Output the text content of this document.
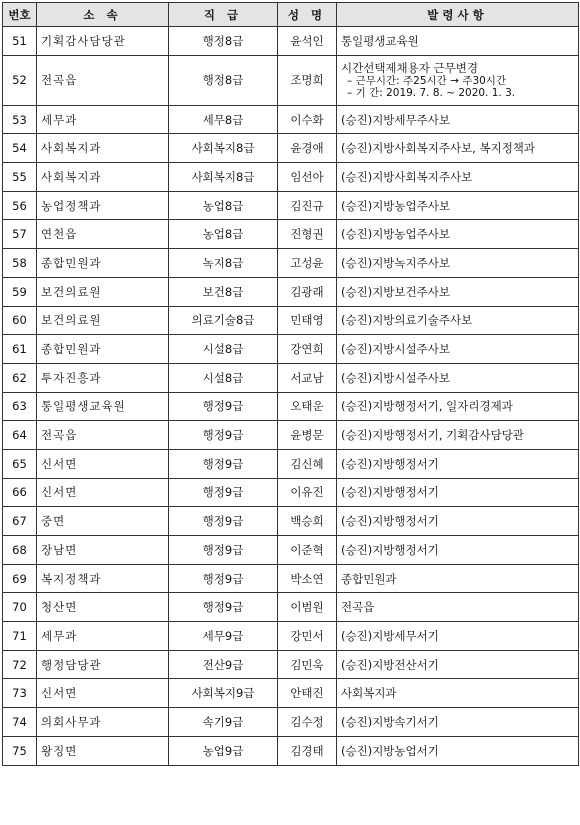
번호	소 속	직 급	성 명	발령사항
51	기획감사담당관	행정8급	윤석인	통일평생교육원
52	전곡읍	행정8급	조명희	시간선택제채용자 근무변경
– 근무시간: 주25시간 → 주30시간
– 기 간: 2019. 7. 8. ~ 2020. 1. 3.

53	세무과	세무8급	이수화	(승진)지방세무주사보
54	사회복지과	사회복지8급	윤경애	(승진)지방사회복지주사보, 복지정책과
55	사회복지과	사회복지8급	임선아	(승진)지방사회복지주사보
56	농업정책과	농업8급	김진규	(승진)지방농업주사보
57	연천읍	농업8급	진형권	(승진)지방농업주사보
58	종합민원과	녹지8급	고성윤	(승진)지방녹지주사보
59	보건의료원	보건8급	김광래	(승진)지방보건주사보
60	보건의료원	의료기술8급	민태영	(승진)지방의료기술주사보
61	종합민원과	시설8급	강연희	(승진)지방시설주사보
62	투자진흥과	시설8급	서교남	(승진)지방시설주사보
63	통일평생교육원	행정9급	오태운	(승진)지방행정서기, 일자리경제과
64	전곡읍	행정9급	윤병문	(승진)지방행정서기, 기획감사담당관
65	신서면	행정9급	김신혜	(승진)지방행정서기
66	신서면	행정9급	이유진	(승진)지방행정서기
67	중면	행정9급	백승희	(승진)지방행정서기
68	장남면	행정9급	이준혁	(승진)지방행정서기
69	복지정책과	행정9급	박소연	종합민원과
70	청산면	행정9급	이범원	전곡읍
71	세무과	세무9급	강민서	(승진)지방세무서기
72	행정담당관	전산9급	김민욱	(승진)지방전산서기
73	신서면	사회복지9급	안태진	사회복지과
74	의회사무과	속기9급	김수정	(승진)지방속기서기
75	왕징면	농업9급	김경태	(승진)지방농업서기
